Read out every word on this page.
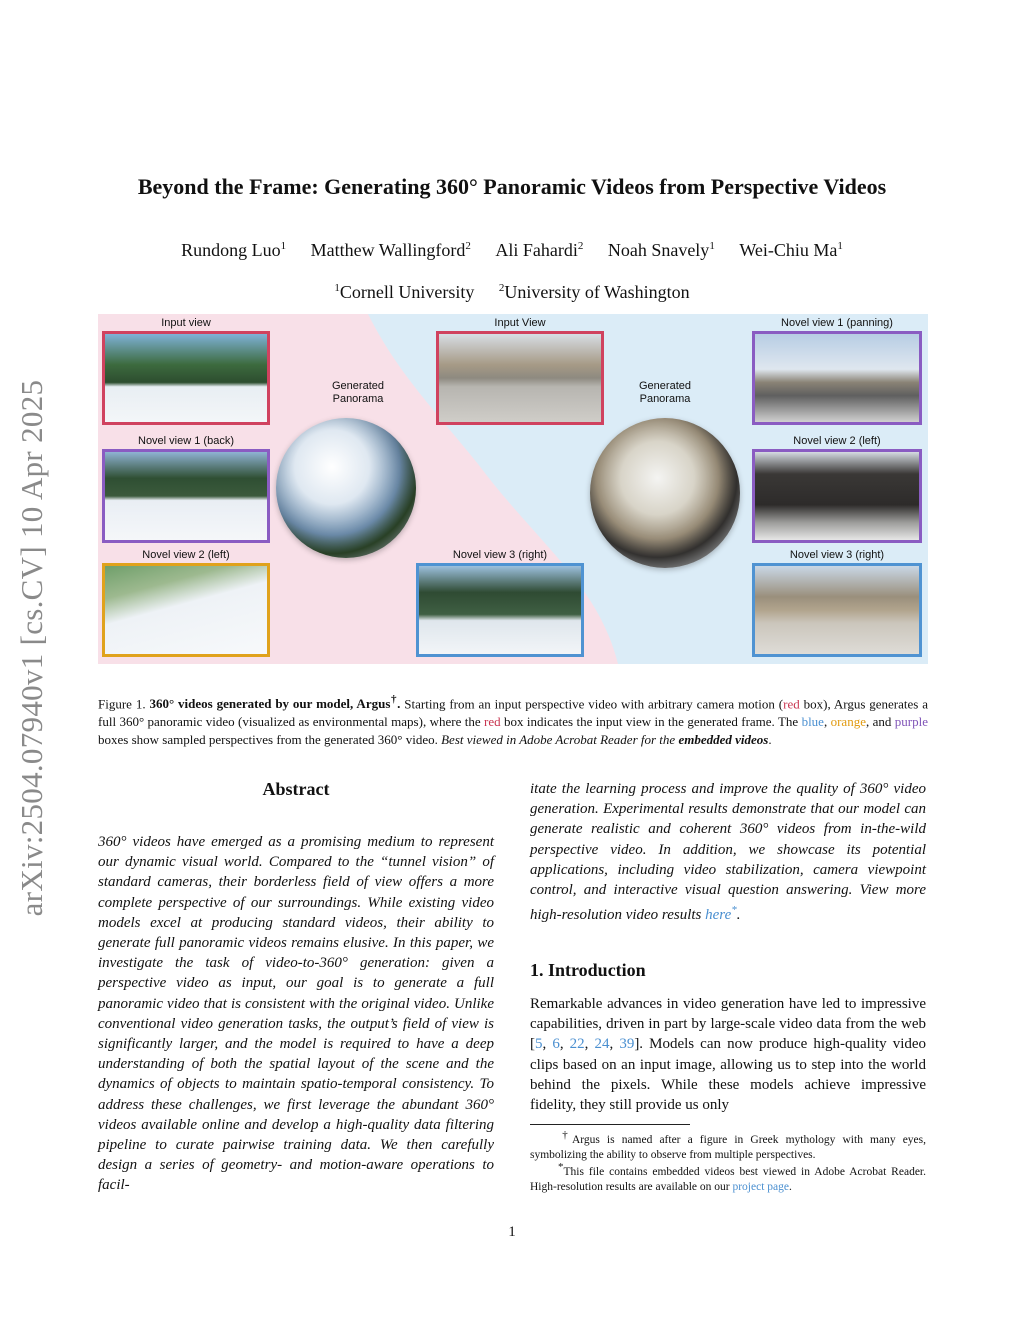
arXiv:2504.07940v1 [cs.CV] 10 Apr 2025
Beyond the Frame: Generating 360° Panoramic Videos from Perspective Videos
Rundong Luo$^1$ Matthew Wallingford$^2$ Ali Fahardi$^2$ Noah Snavely$^1$ Wei-Chiu Ma$^1$
$^1$Cornell University $^2$University of Washington
Input view
Novel view 1 (back)
Novel view 2 (left)
Generated
Panorama
Novel view 3 (right)
Input View
Generated
Panorama
Novel view 1 (panning)
Novel view 2 (left)
Novel view 3 (right)
Figure 1. 360° videos generated by our model, Argus†. Starting from an input perspective video with arbitrary camera motion (red box), Argus generates a full 360° panoramic video (visualized as environmental maps), where the red box indicates the input view in the generated frame. The blue, orange, and purple boxes show sampled perspectives from the generated 360° video. Best viewed in Adobe Acrobat Reader for the embedded videos.
Abstract
360° videos have emerged as a promising medium to represent our dynamic visual world. Compared to the “tunnel vision” of standard cameras, their borderless field of view offers a more complete perspective of our surroundings. While existing video models excel at producing standard videos, their ability to generate full panoramic videos remains elusive. In this paper, we investigate the task of video-to-360° generation: given a perspective video as input, our goal is to generate a full panoramic video that is consistent with the original video. Unlike conventional video generation tasks, the output’s field of view is significantly larger, and the model is required to have a deep understanding of both the spatial layout of the scene and the dynamics of objects to maintain spatio-temporal consistency. To address these challenges, we first leverage the abundant 360° videos available online and develop a high-quality data filtering pipeline to curate pairwise training data. We then carefully design a series of geometry- and motion-aware operations to facil-
itate the learning process and improve the quality of 360° video generation. Experimental results demonstrate that our model can generate realistic and coherent 360° videos from in-the-wild perspective video. In addition, we showcase its potential applications, including video stabilization, camera viewpoint control, and interactive visual question answering. View more high-resolution video results here*.
1. Introduction
Remarkable advances in video generation have led to impressive capabilities, driven in part by large-scale video data from the web [5, 6, 22, 24, 39]. Models can now produce high-quality video clips based on an input image, allowing us to step into the world behind the pixels. While these models achieve impressive fidelity, they still provide us only
†Argus is named after a figure in Greek mythology with many eyes, symbolizing the ability to observe from multiple perspectives.
*This file contains embedded videos best viewed in Adobe Acrobat Reader. High-resolution results are available on our project page.
1
